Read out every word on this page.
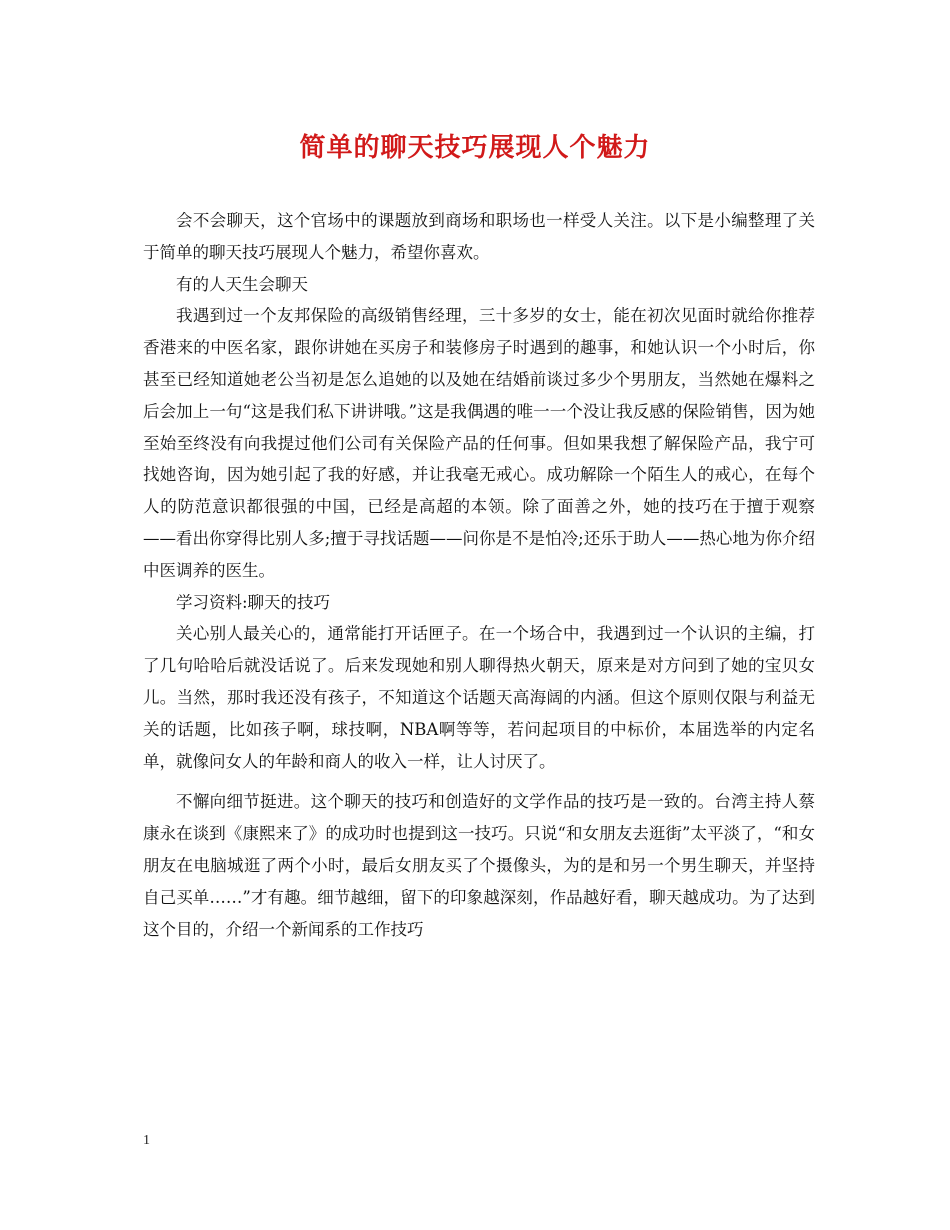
简单的聊天技巧展现人个魅力

会不会聊天，这个官场中的课题放到商场和职场也一样受人关注。以下是小编整理了关于简单的聊天技巧展现人个魅力，希望你喜欢。

有的人天生会聊天

我遇到过一个友邦保险的高级销售经理，三十多岁的女士，能在初次见面时就给你推荐香港来的中医名家，跟你讲她在买房子和装修房子时遇到的趣事，和她认识一个小时后，你甚至已经知道她老公当初是怎么追她的以及她在结婚前谈过多少个男朋友，当然她在爆料之后会加上一句“这是我们私下讲讲哦。”这是我偶遇的唯一一个没让我反感的保险销售，因为她至始至终没有向我提过他们公司有关保险产品的任何事。但如果我想了解保险产品，我宁可找她咨询，因为她引起了我的好感，并让我毫无戒心。成功解除一个陌生人的戒心，在每个人的防范意识都很强的中国，已经是高超的本领。除了面善之外，她的技巧在于擅于观察——看出你穿得比别人多;擅于寻找话题——问你是不是怕冷;还乐于助人——热心地为你介绍中医调养的医生。

学习资料:聊天的技巧

关心别人最关心的，通常能打开话匣子。在一个场合中，我遇到过一个认识的主编，打了几句哈哈后就没话说了。后来发现她和别人聊得热火朝天，原来是对方问到了她的宝贝女儿。当然，那时我还没有孩子，不知道这个话题天高海阔的内涵。但这个原则仅限与利益无关的话题，比如孩子啊，球技啊，NBA啊等等，若问起项目的中标价，本届选举的内定名单，就像问女人的年龄和商人的收入一样，让人讨厌了。

不懈向细节挺进。这个聊天的技巧和创造好的文学作品的技巧是一致的。台湾主持人蔡康永在谈到《康熙来了》的成功时也提到这一技巧。只说“和女朋友去逛街”太平淡了，“和女朋友在电脑城逛了两个小时，最后女朋友买了个摄像头，为的是和另一个男生聊天，并坚持自己买单……”才有趣。细节越细，留下的印象越深刻，作品越好看，聊天越成功。为了达到这个目的，介绍一个新闻系的工作技巧

1
